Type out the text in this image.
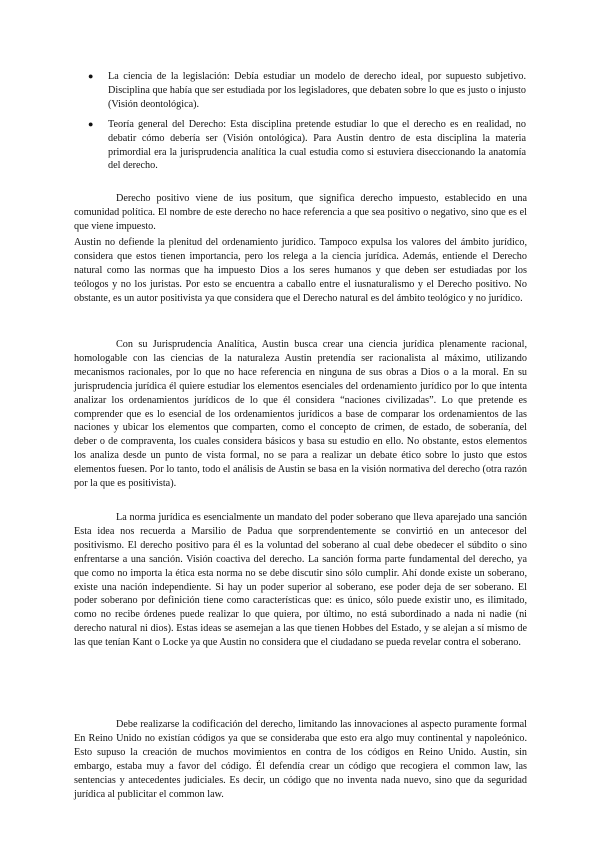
● La ciencia de la legislación: Debía estudiar un modelo de derecho ideal, por supuesto subjetivo. Disciplina que había que ser estudiada por los legisladores, que debaten sobre lo que es justo o injusto (Visión deontológica).
● Teoría general del Derecho: Esta disciplina pretende estudiar lo que el derecho es en realidad, no debatir cómo debería ser (Visión ontológica). Para Austin dentro de esta disciplina la materia primordial era la jurisprudencia analítica la cual estudia como si estuviera diseccionando la anatomía del derecho.

Derecho positivo viene de ius positum, que significa derecho impuesto, establecido en una comunidad política. El nombre de este derecho no hace referencia a que sea positivo o negativo, sino que es el que viene impuesto.

Austin no defiende la plenitud del ordenamiento jurídico. Tampoco expulsa los valores del ámbito jurídico, considera que estos tienen importancia, pero los relega a la ciencia jurídica. Además, entiende el Derecho natural como las normas que ha impuesto Dios a los seres humanos y que deben ser estudiadas por los teólogos y no los juristas. Por esto se encuentra a caballo entre el iusnaturalismo y el Derecho positivo. No obstante, es un autor positivista ya que considera que el Derecho natural es del ámbito teológico y no jurídico.

Con su Jurisprudencia Analítica, Austin busca crear una ciencia jurídica plenamente racional, homologable con las ciencias de la naturaleza Austin pretendía ser racionalista al máximo, utilizando mecanismos racionales, por lo que no hace referencia en ninguna de sus obras a Dios o a la moral. En su jurisprudencia jurídica él quiere estudiar los elementos esenciales del ordenamiento jurídico por lo que intenta analizar los ordenamientos jurídicos de lo que él considera “naciones civilizadas”. Lo que pretende es comprender que es lo esencial de los ordenamientos jurídicos a base de comparar los ordenamientos de las naciones y ubicar los elementos que comparten, como el concepto de crimen, de estado, de soberanía, del deber o de compraventa, los cuales considera básicos y basa su estudio en ello. No obstante, estos elementos los analiza desde un punto de vista formal, no se para a realizar un debate ético sobre lo justo que estos elementos fuesen. Por lo tanto, todo el análisis de Austin se basa en la visión normativa del derecho (otra razón por la que es positivista).

La norma jurídica es esencialmente un mandato del poder soberano que lleva aparejado una sanción Esta idea nos recuerda a Marsilio de Padua que sorprendentemente se convirtió en un antecesor del positivismo. El derecho positivo para él es la voluntad del soberano al cual debe obedecer el súbdito o sino enfrentarse a una sanción. Visión coactiva del derecho. La sanción forma parte fundamental del derecho, ya que como no importa la ética esta norma no se debe discutir sino sólo cumplir. Ahí donde existe un soberano, existe una nación independiente. Si hay un poder superior al soberano, ese poder deja de ser soberano. El poder soberano por definición tiene como características que: es único, sólo puede existir uno, es ilimitado, como no recibe órdenes puede realizar lo que quiera, por último, no está subordinado a nada ni nadie (ni derecho natural ni dios). Estas ideas se asemejan a las que tienen Hobbes del Estado, y se alejan a sí mismo de las que tenían Kant o Locke ya que Austin no considera que el ciudadano se pueda revelar contra el soberano.

Debe realizarse la codificación del derecho, limitando las innovaciones al aspecto puramente formal En Reino Unido no existían códigos ya que se consideraba que esto era algo muy continental y napoleónico. Esto supuso la creación de muchos movimientos en contra de los códigos en Reino Unido. Austin, sin embargo, estaba muy a favor del código. Él defendía crear un código que recogiera el common law, las sentencias y antecedentes judiciales. Es decir, un código que no inventa nada nuevo, sino que da seguridad jurídica al publicitar el common law.
